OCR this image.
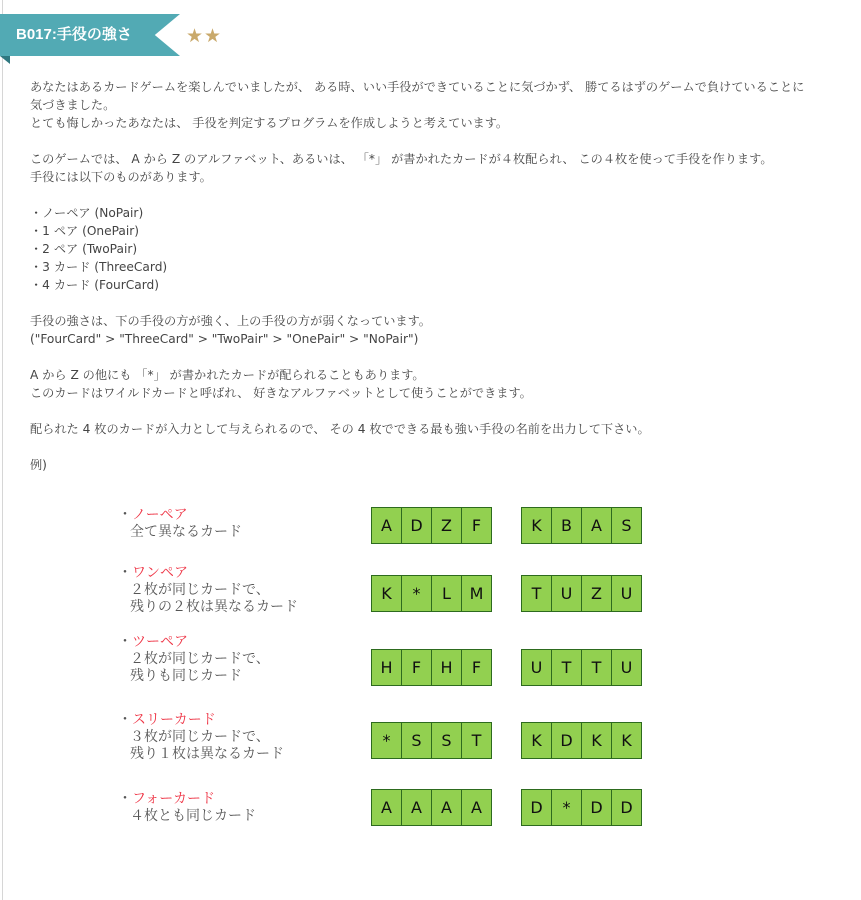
B017:手役の強さ	★★

あなたはあるカードゲームを楽しんでいましたが、 ある時、いい手役ができていることに気づかず、 勝てるはずのゲームで負けていることに

気づきました。

とても悔しかったあなたは、 手役を判定するプログラムを作成しようと考えています。

このゲームでは、 A から Z のアルファベット、あるいは、 「*」 が書かれたカードが４枚配られ、 この４枚を使って手役を作ります。

手役には以下のものがあります。

・ノーペア (NoPair)

・1 ペア (OnePair)

・2 ペア (TwoPair)

・3 カード (ThreeCard)

・4 カード (FourCard)

手役の強さは、下の手役の方が強く、上の手役の方が弱くなっています。

("FourCard" > "ThreeCard" > "TwoPair" > "OnePair" > "NoPair")

A から Z の他にも 「*」 が書かれたカードが配られることもあります。

このカードはワイルドカードと呼ばれ、 好きなアルファベットとして使うことができます。

配られた 4 枚のカードが入力として与えられるので、 その 4 枚でできる最も強い手役の名前を出力して下さい。

例)

・ノーペア
全て異なるカード	A	D	Z	F	K	B	A	S
・ワンペア
２枚が同じカードで、
残りの２枚は異なるカード
K	*	L	M	T	U	Z	U
・ツーペア
２枚が同じカードで、
残りも同じカード	H	F	H	F	U	T	T	U
・スリーカード
３枚が同じカードで、
残り１枚は異なるカード
*	S	S	T	K	D	K	K
・フォーカード
４枚とも同じカード	A	A	A	A	D	*	D	D
